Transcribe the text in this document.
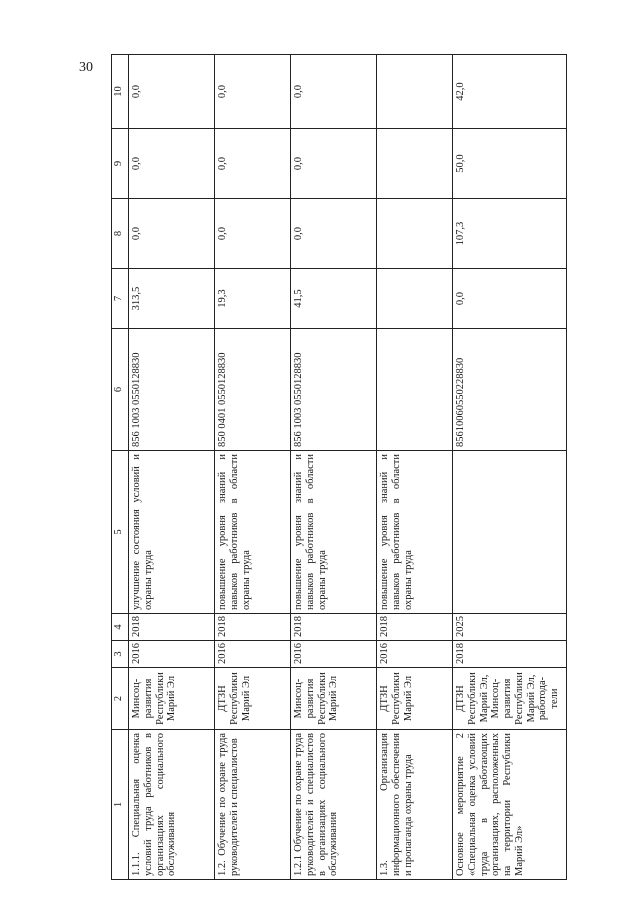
30
1	2	3	4	5	6	7	8	9	10
1.1.1. Специальная оценка условий труда работников в организациях социального обслуживания	Минсоц-развития Республики Марий Эл	2016	2018	улучшение состояния условий и охраны труда	856 1003 0550128830	313,5	0,0	0,0	0,0
1.2. Обучение по охране труда руководителей и специалистов	ДТЗН Республики Марий Эл	2016	2018	повышение уровня знаний и навыков работников в области охраны труда	850 0401 0550128830	19,3	0,0	0,0	0,0
1.2.1 Обучение по охране труда руководителей и специалистов в организациях социального обслуживания	Минсоц-развития Республики Марий Эл	2016	2018	повышение уровня знаний и навыков работников в области охраны труда	856 1003 0550128830	41,5	0,0	0,0	0,0
1.3. Организация информационного обеспечения и пропаганда охраны труда	ДТЗН Республики Марий Эл	2016	2018	повышение уровня знаний и навыков работников в области охраны труда					
Основное мероприятие 2 «Специальная оценка условий труда в работающих организациях, расположенных на территории Республики Марий Эл»	ДТЗН Республики Марий Эл, Минсоц-развития Республики Марий Эл, работода-тели	2018	2025		8561006055022883​0	0,0	107,3	50,0	42,0
